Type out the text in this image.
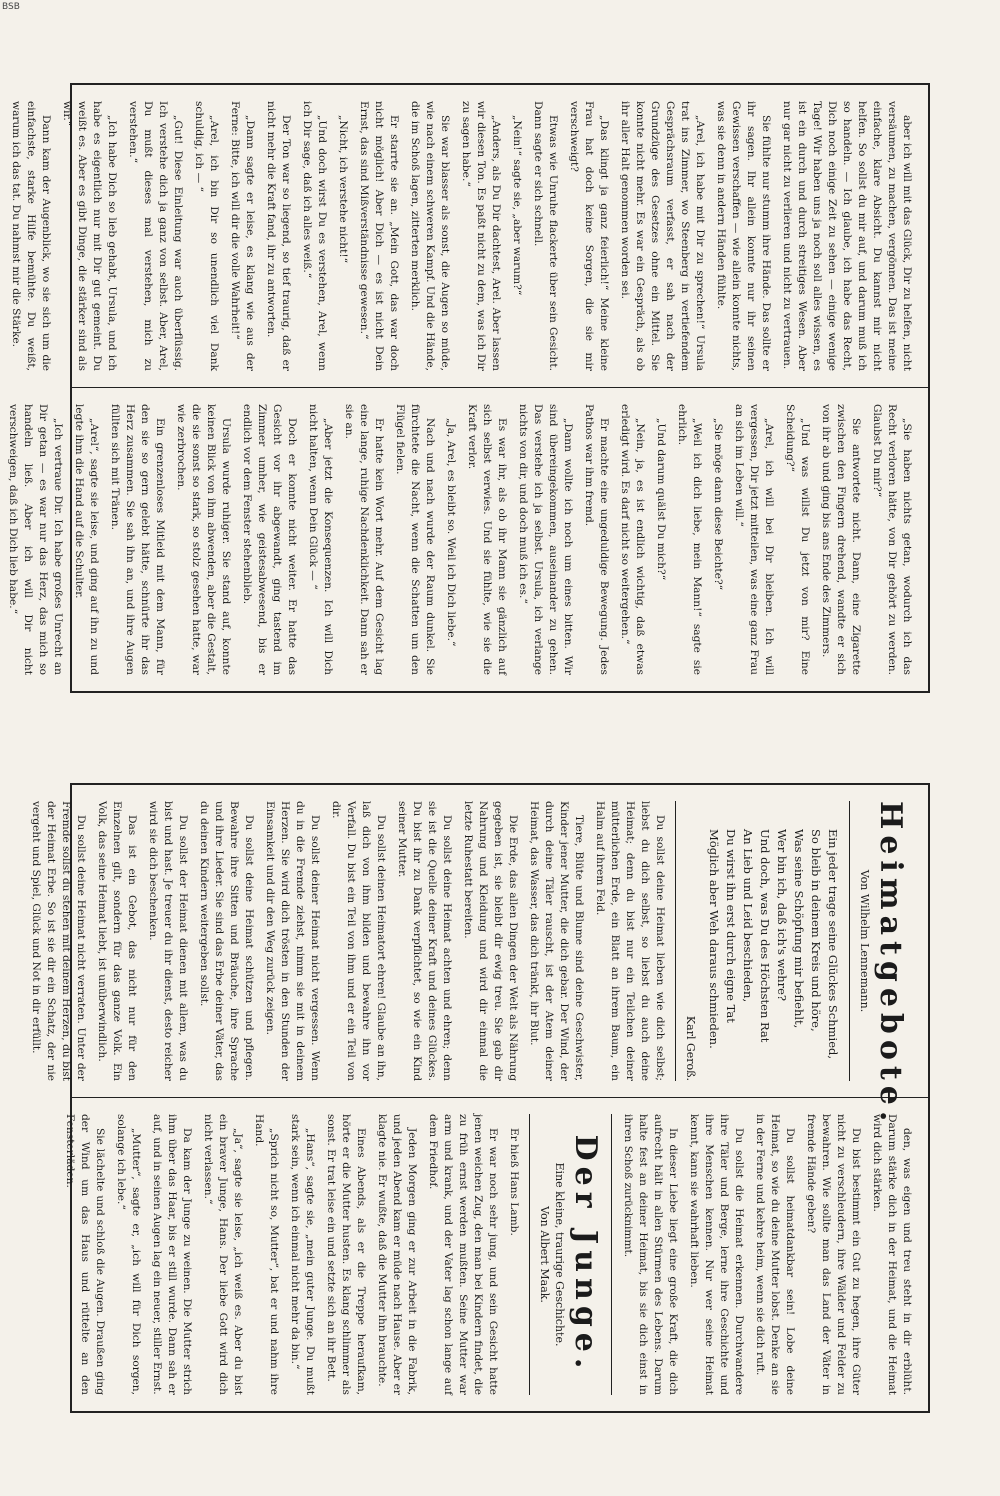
BSB

aber ich will mit das Glück, Dir zu helfen, nicht versäumen, zu machen, vergönnen. Das ist meine einfache, klare Absicht. Du kannst mir nicht helfen. So sollst du mir auf, und darum muß ich so handeln. — Ich glaube, ich habe das Recht, Dich noch einige Zeit zu sehen — einige wenige Tage! Wir haben uns ja noch soll alles wissen, es ist ein durch und durch streitiges Wesen. Aber nur gar nicht zu verlieren und nicht zu vertrauen.

Sie fühlte nur stumm ihre Hände. Das sollte er ihr sagen. Ihr allein konnte nur ihr seinen Gewissen verschaffen — wie allein konnte nichts, was sie denn in andern Händen fühlte.

„Arel, ich habe mit Dir zu sprechen!“ Ursula trat ins Zimmer, wo Steenberg in vertiefendem Gesprächsraum verfasst, er sah nach der Grundzüge des Gesetzes ohne ein Mittel. Sie konnte nicht mehr. Es war ein Gespräch, als ob ihr aller Halt genommen worden sei.

„Das klingt ja ganz feierlich!“ Meine kleine Frau hat doch keine Sorgen, die sie mir verschweigt?

Etwas wie Unruhe flackerte über sein Gesicht. Dann sagte er sich schnell.

„Nein!“ sagte sie, „aber warum?“

„Anders, als Du Dir dachtest, Arel. Aber lassen wir diesen Ton. Es paßt nicht zu dem, was ich Dir zu sagen habe.“

Sie war blasser als sonst, die Augen so müde, wie nach einem schweren Kampf. Und die Hände, die im Schoß lagen, zitterten merklich.

Er starrte sie an. „Mein Gott, das war doch nicht möglich! Aber Dich — es ist nicht Dein Ernst, das sind Mißverständnisse gewesen.“

„Nicht, ich verstehe nicht!“

„Und doch wirst Du es verstehen, Arel, wenn ich Dir sage, daß ich alles weiß.“

Der Ton war so liegend, so tief traurig, daß er nicht mehr die Kraft fand, ihr zu antworten.

„Dann sagte er leise, es klang wie aus der Ferne: Bitte, ich will dir die volle Wahrheit!“

„Arel, ich bin Dir so unendlich viel Dank schuldig, ich — “

„Gut! Diese Einleitung war auch überflüssig. Ich verstehe dich ja ganz von selbst. Aber, Arel, Du mußt dieses mal verstehen, mich zu verstehen.“

„Ich habe Dich so lieb gehabt, Ursula, und ich habe es eigentlich nur mit Dir gut gemeint. Du weißt es. Aber es gibt Dinge, die stärker sind als wir.“

Dann kam der Augenblick, wo sie sich um die einfachste, starke Hilfe bemühte. Du weißt, warum ich das tat. Du nahmst mir die Stärke.

„Sie haben nichts getan, wodurch ich das Recht verloren hätte, von Dir gehört zu werden. Glaubst Du mir?“

Sie antwortete nicht. Dann, eine Zigarette zwischen den Fingern drehend, wandte er sich von ihr ab und ging bis ans Ende des Zimmers.

„Und was willst Du jetzt von mir? Eine Scheidung?“

„Arel, ich will bei Dir bleiben. Ich will vergessen, Dir jetzt mitteilen, was eine ganz Frau an sich im Leben will.“

„Sie möge dann diese Beichte?“

„Weil ich dich liebe, mein Mann!“ sagte sie ehrlich.

„Und darum quälst Du mich?“

„Nein, ja, es ist endlich wichtig, daß etwas erledigt wird. Es darf nicht so weitergehen.“

Er machte eine ungeduldige Bewegung. Jedes Pathos war ihm fremd.

„Dann wollte ich noch um eines bitten. Wir sind übereingekommen, auseinander zu gehen. Das verstehe ich ja selbst. Ursula, ich verlange nichts von dir, und doch muß ich es.“

Es war ihr, als ob ihr Mann sie gänzlich auf sich selbst verwies. Und sie fühlte, wie sie die Kraft verlor.

„Ja, Arel, es bleibt so. Weil ich Dich liebe.“

Nach und nach wurde der Raum dunkel. Sie fürchtete die Nacht, wenn die Schatten um den Flügel fielen.

Er hatte kein Wort mehr. Auf dem Gesicht lag eine lange, ruhige Nachdenklichkeit. Dann sah er sie an.

„Aber jetzt die Konsequenzen. Ich will Dich nicht halten, wenn Dein Glück — “

Doch er konnte nicht weiter. Er hatte das Gesicht vor ihr abgewandt, ging tastend im Zimmer umher, wie geistesabwesend, bis er endlich vor dem Fenster stehenblieb.

Ursula wurde ruhiger. Sie stand auf, konnte keinen Blick von ihm abwenden, aber die Gestalt, die sie sonst so stark, so stolz gesehen hatte, war wie zerbrochen.

Ein grenzenloses Mitleid mit dem Mann, für den sie so gern gelebt hätte, schnürte ihr das Herz zusammen. Sie sah ihn an, und ihre Augen füllten sich mit Tränen.

„Arel“, sagte sie leise, und ging auf ihn zu und legte ihm die Hand auf die Schulter.

„Ich vertraue Dir. Ich habe großes Unrecht an Dir getan — es war nur das Herz, das mich so handeln ließ. Aber ich will Dir nicht verschweigen, daß ich Dich lieb habe.“

Heimatgebote.
Von Wilhelm Lennemann.
Ein jeder trage seine Glückes Schmied,
So bleib in deinem Kreis und höre,
Was seine Schöpfung mir befiehlt,
Wer bin ich, daß ich's wehre?
Und doch, was Du des Höchsten Rat
An Lieb und Leid beschieden,
Du wirst ihn erst durch eigne Tat
Möglich aber Weh daraus schmieden.
Karl Geroß.

Du sollst deine Heimat lieben wie dich selbst; liebst du dich selbst, so liebst du auch deine Heimat; denn du bist nur ein Teilchen deiner mütterlichen Erde, ein Blatt an ihrem Baum, ein Halm auf ihrem Feld.

Tiere, Blüte und Blume sind deine Geschwister, Kinder jener Mutter, die dich gebar. Der Wind, der durch deine Täler rauscht, ist der Atem deiner Heimat, das Wasser, das dich tränkt, ihr Blut.

Die Erde, das allen Dingen der Welt als Nährung gegeben ist, sie bleibt dir ewig treu. Sie gab dir Nahrung und Kleidung und wird dir einmal die letzte Ruhestatt bereiten.

Du sollst deine Heimat achten und ehren; denn sie ist die Quelle deiner Kraft und deines Glückes. Du bist ihr zu Dank verpflichtet, so wie ein Kind seiner Mutter.

Du sollst deinen Heimatort ehren! Glaube an ihn, laß dich von ihm bilden und bewahre ihn vor Verfall. Du bist ein Teil von ihm und er ein Teil von dir.

Du sollst deiner Heimat nicht vergessen. Wenn du in die Fremde ziehst, nimm sie mit in deinem Herzen. Sie wird dich trösten in den Stunden der Einsamkeit und dir den Weg zurück zeigen.

Du sollst deine Heimat schützen und pflegen. Bewahre ihre Sitten und Bräuche, ihre Sprache und ihre Lieder. Sie sind das Erbe deiner Väter, das du deinen Kindern weitergeben sollst.

Du sollst der Heimat dienen mit allem, was du bist und hast. Je treuer du ihr dienst, desto reicher wird sie dich beschenken.

Das ist ein Gebot, das nicht nur für den Einzelnen gilt, sondern für das ganze Volk. Ein Volk, das seine Heimat liebt, ist unüberwindlich.

Du sollst deine Heimat nicht verraten. Unter der Fremde sollst du stehen mit deinem Herzen, du bist der Heimat Erbe. So ist sie dir ein Schatz, der nie vergeht und Spiel, Glück und Not in dir erfüllt.

den, was eigen und treu steht in dir erblüht. Darum stärke dich in der Heimat, und die Heimat wird dich stärken.

Du bist bestimmt ein Gut zu hegen, ihre Güter nicht zu verschleudern, ihre Wälder und Felder zu bewahren. Wie sollte man das Land der Väter in fremde Hände geben?

Du sollst heimatdankbar sein! Lobe deine Heimat, so wie du deine Mutter lobst. Denke an sie in der Ferne und kehre heim, wenn sie dich ruft.

Du sollst die Heimat erkennen. Durchwandere ihre Täler und Berge, lerne ihre Geschichte und ihre Menschen kennen. Nur wer seine Heimat kennt, kann sie wahrhaft lieben.

In dieser Liebe liegt eine große Kraft, die dich aufrecht hält in allen Stürmen des Lebens. Darum halte fest an deiner Heimat, bis sie dich einst in ihren Schoß zurücknimmt.

Der Junge.
Eine kleine, traurige Geschichte.
Von Albert Maak.

Er hieß Hans Lamb.

Er war noch sehr jung, und sein Gesicht hatte jenen weichen Zug, den man bei Kindern findet, die zu früh ernst werden mußten. Seine Mutter war arm und krank, und der Vater lag schon lange auf dem Friedhof.

Jeden Morgen ging er zur Arbeit in die Fabrik, und jeden Abend kam er müde nach Hause. Aber er klagte nie. Er wußte, daß die Mutter ihn brauchte.

Eines Abends, als er die Treppe heraufkam, hörte er die Mutter husten. Es klang schlimmer als sonst. Er trat leise ein und setzte sich an ihr Bett.

„Hans“, sagte sie, „mein guter Junge. Du mußt stark sein, wenn ich einmal nicht mehr da bin.“

„Sprich nicht so, Mutter“, bat er und nahm ihre Hand.

„Ja“, sagte sie leise, „ich weiß es. Aber du bist ein braver Junge, Hans. Der liebe Gott wird dich nicht verlassen.“

Da kam der Junge zu weinen. Die Mutter strich ihm über das Haar, bis er still wurde. Dann sah er auf, und in seinen Augen lag ein neuer, stiller Ernst.

„Mutter“, sagte er, „ich will für Dich sorgen, solange ich lebe.“

Sie lächelte und schloß die Augen. Draußen ging der Wind um das Haus und rüttelte an den Fensterläden.
